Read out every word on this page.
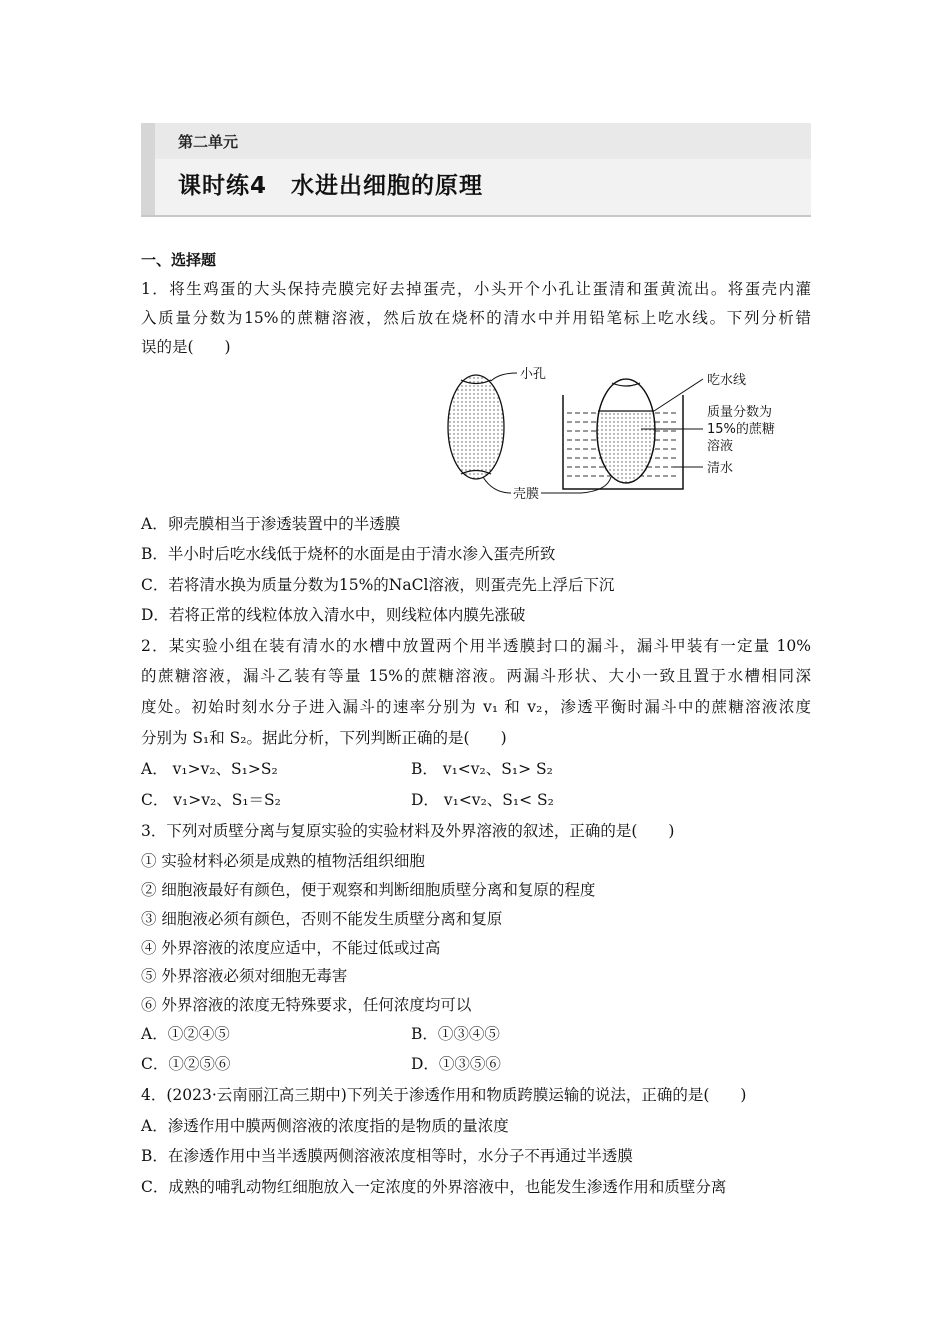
第二单元
课时练4　水进出细胞的原理
一、选择题
1．将生鸡蛋的大头保持壳膜完好去掉蛋壳，小头开个小孔让蛋清和蛋黄流出。将蛋壳内灌
入质量分数为15%的蔗糖溶液，然后放在烧杯的清水中并用铅笔标上吃水线。下列分析错
误的是(　　)
小孔
壳膜
吃水线
质量分数为
15%的蔗糖
溶液
清水
A．卵壳膜相当于渗透装置中的半透膜
B．半小时后吃水线低于烧杯的水面是由于清水渗入蛋壳所致
C．若将清水换为质量分数为15%的NaCl溶液，则蛋壳先上浮后下沉
D．若将正常的线粒体放入清水中，则线粒体内膜先涨破
2．某实验小组在装有清水的水槽中放置两个用半透膜封口的漏斗，漏斗甲装有一定量 10%
的蔗糖溶液，漏斗乙装有等量 15%的蔗糖溶液。两漏斗形状、大小一致且置于水槽相同深
度处。初始时刻水分子进入漏斗的速率分别为 v₁ 和 v₂，渗透平衡时漏斗中的蔗糖溶液浓度
分别为 S₁和 S₂。据此分析，下列判断正确的是(　　)
A． v₁>v₂、S₁>S₂	B． v₁<v₂、S₁> S₂
C． v₁>v₂、S₁＝S₂	D． v₁<v₂、S₁< S₂
3．下列对质壁分离与复原实验的实验材料及外界溶液的叙述，正确的是(　　)
① 实验材料必须是成熟的植物活组织细胞
② 细胞液最好有颜色，便于观察和判断细胞质壁分离和复原的程度
③ 细胞液必须有颜色，否则不能发生质壁分离和复原
④ 外界溶液的浓度应适中，不能过低或过高
⑤ 外界溶液必须对细胞无毒害
⑥ 外界溶液的浓度无特殊要求，任何浓度均可以
A．①②④⑤	B．①③④⑤
C．①②⑤⑥	D．①③⑤⑥
4．(2023·云南丽江高三期中)下列关于渗透作用和物质跨膜运输的说法，正确的是(　　)
A．渗透作用中膜两侧溶液的浓度指的是物质的量浓度
B．在渗透作用中当半透膜两侧溶液浓度相等时，水分子不再通过半透膜
C．成熟的哺乳动物红细胞放入一定浓度的外界溶液中，也能发生渗透作用和质壁分离
